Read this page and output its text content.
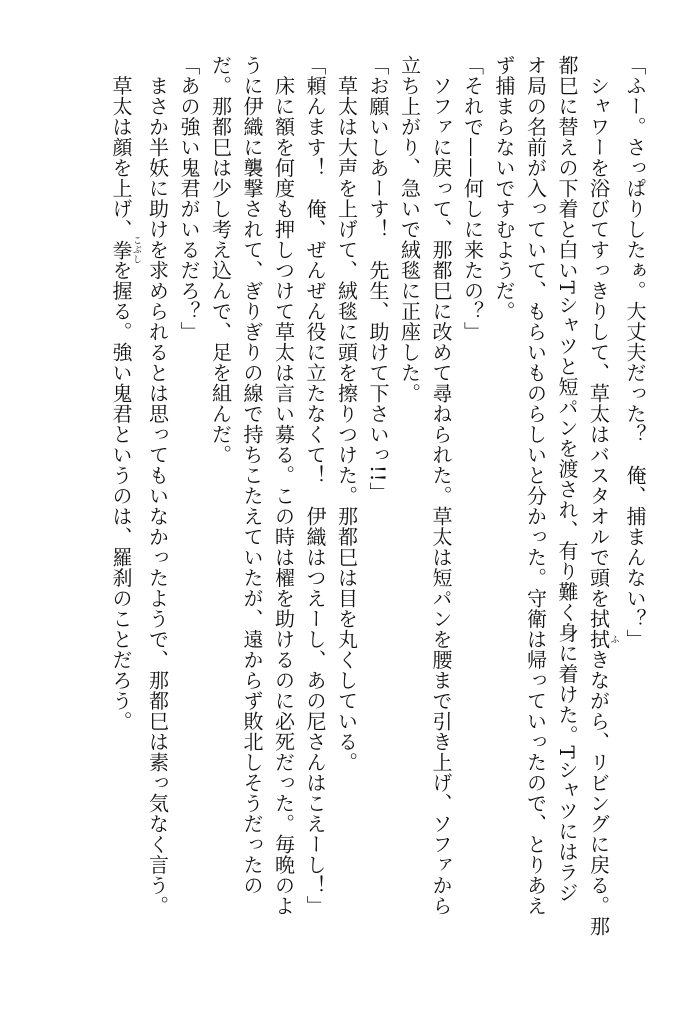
「ふー。さっぱりしたぁ。大丈夫だった？　俺、捕まんない？」
　シャワーを浴びてすっきりして、草太はバスタオルで頭を拭拭ふきながら、リビングに戻る。那
都巳に替えの下着と白いTシャツと短パンを渡され、有り難く身に着けた。Tシャツにはラジ
オ局の名前が入っていて、もらいものらしいと分かった。守衛は帰っていったので、とりあえ
ず捕まらないですむようだ。
「それで——何しに来たの？」
　ソファに戻って、那都巳に改めて尋ねられた。草太は短パンを腰まで引き上げ、ソファから
立ち上がり、急いで絨毯に正座した。
「お願いしあーす！　先生、助けて下さいっ!!」
　草太は大声を上げて、絨毯に頭を擦りつけた。那都巳は目を丸くしている。
「頼んます！　俺、ぜんぜん役に立たなくて！　伊織はつえーし、あの尼さんはこえーし！」
　床に額を何度も押しつけて草太は言い募る。この時は櫂を助けるのに必死だった。毎晩のよ
うに伊織に襲撃されて、ぎりぎりの線で持ちこたえていたが、遠からず敗北しそうだったの
だ。那都巳は少し考え込んで、足を組んだ。
「あの強い鬼君がいるだろ？」
　まさか半妖に助けを求められるとは思ってもいなかったようで、那都巳は素っ気なく言う。
　草太は顔を上げ、拳こぶしを握る。強い鬼君というのは、羅刹のことだろう。
